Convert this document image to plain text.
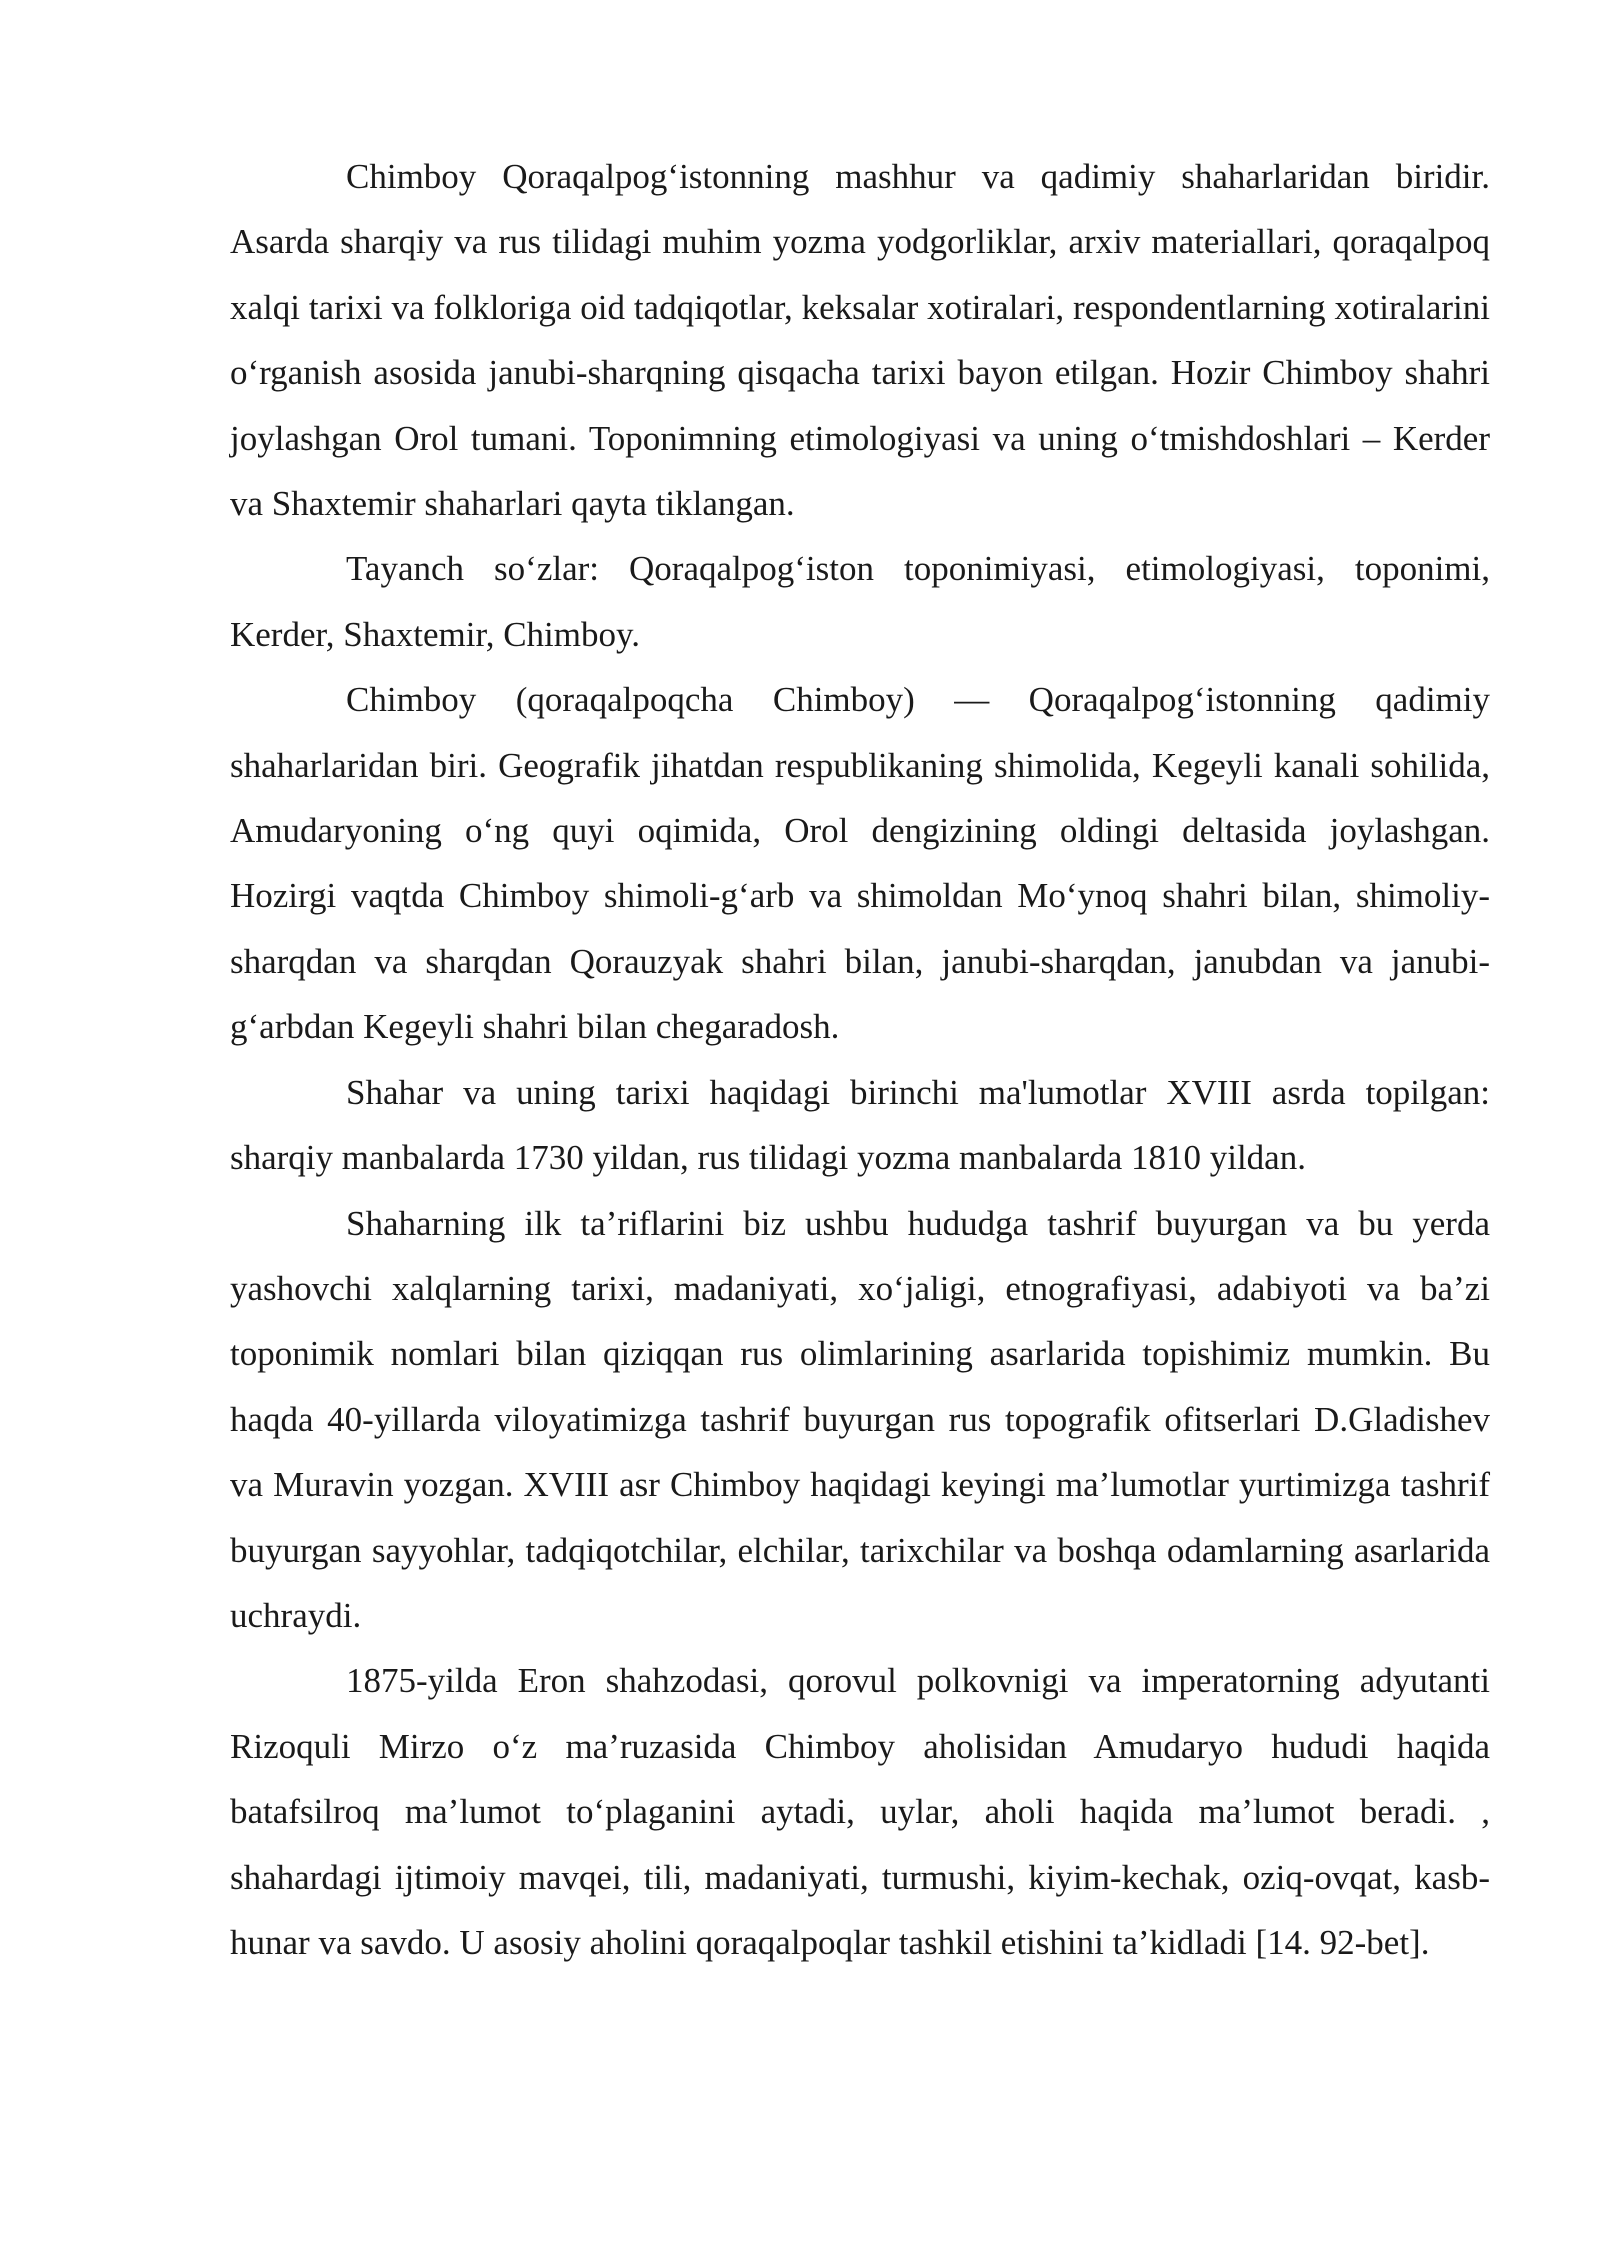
Chimboy Qoraqalpog‘istonning mashhur va qadimiy shaharlaridan biridir. Asarda sharqiy va rus tilidagi muhim yozma yodgorliklar, arxiv materiallari, qoraqalpoq xalqi tarixi va folkloriga oid tadqiqotlar, keksalar xotiralari, respondentlarning xotiralarini o‘rganish asosida janubi-sharqning qisqacha tarixi bayon etilgan. Hozir Chimboy shahri joylashgan Orol tumani. Toponimning etimologiyasi va uning o‘tmishdoshlari – Kerder va Shaxtemir shaharlari qayta tiklangan.

Tayanch so‘zlar: Qoraqalpog‘iston toponimiyasi, etimologiyasi, toponimi, Kerder, Shaxtemir, Chimboy.

Chimboy (qoraqalpoqcha Chimboy) — Qoraqalpog‘istonning qadimiy shaharlaridan biri. Geografik jihatdan respublikaning shimolida, Kegeyli kanali sohilida, Amudaryoning o‘ng quyi oqimida, Orol dengizining oldingi deltasida joylashgan. Hozirgi vaqtda Chimboy shimoli-g‘arb va shimoldan Mo‘ynoq shahri bilan, shimoliy-sharqdan va sharqdan Qorauzyak shahri bilan, janubi-sharqdan, janubdan va janubi-g‘arbdan Kegeyli shahri bilan chegaradosh.

Shahar va uning tarixi haqidagi birinchi ma'lumotlar XVIII asrda topilgan: sharqiy manbalarda 1730 yildan, rus tilidagi yozma manbalarda 1810 yildan.

Shaharning ilk ta’riflarini biz ushbu hududga tashrif buyurgan va bu yerda yashovchi xalqlarning tarixi, madaniyati, xo‘jaligi, etnografiyasi, adabiyoti va ba’zi toponimik nomlari bilan qiziqqan rus olimlarining asarlarida topishimiz mumkin. Bu haqda 40-yillarda viloyatimizga tashrif buyurgan rus topografik ofitserlari D.Gladishev va Muravin yozgan. XVIII asr Chimboy haqidagi keyingi ma’lumotlar yurtimizga tashrif buyurgan sayyohlar, tadqiqotchilar, elchilar, tarixchilar va boshqa odamlarning asarlarida uchraydi.

1875-yilda Eron shahzodasi, qorovul polkovnigi va imperatorning adyutanti Rizoquli Mirzo o‘z ma’ruzasida Chimboy aholisidan Amudaryo hududi haqida batafsilroq ma’lumot to‘plaganini aytadi, uylar, aholi haqida ma’lumot beradi. , shahardagi ijtimoiy mavqei, tili, madaniyati, turmushi, kiyim-kechak, oziq-ovqat, kasb-hunar va savdo. U asosiy aholini qoraqalpoqlar tashkil etishini ta’kidladi [14. 92-bet].
